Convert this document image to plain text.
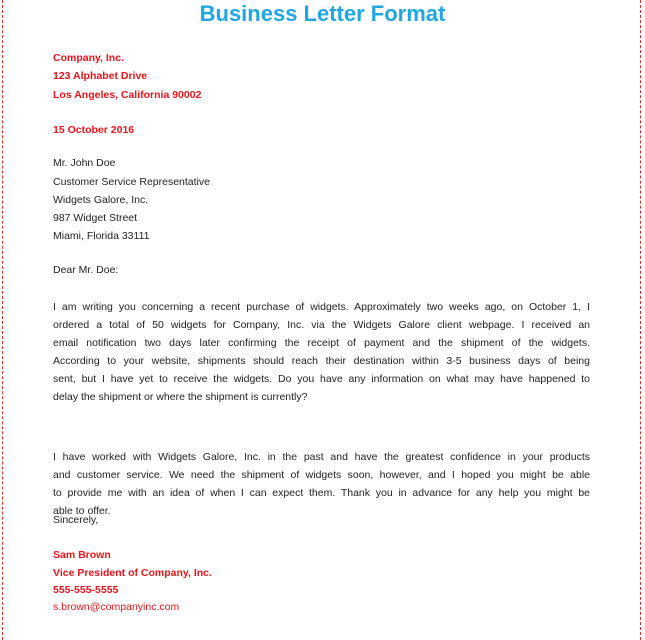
Business Letter Format
Company, Inc.
123 Alphabet Drive
Los Angeles, California 90002
15 October 2016
Mr. John Doe
Customer Service Representative
Widgets Galore, Inc.
987 Widget Street
Miami, Florida 33111
Dear Mr. Doe:
I am writing you concerning a recent purchase of widgets. Approximately two weeks ago, on October 1, I
ordered a total of 50 widgets for Company, Inc. via the Widgets Galore client webpage. I received an
email notification two days later confirming the receipt of payment and the shipment of the widgets.
According to your website, shipments should reach their destination within 3-5 business days of being
sent, but I have yet to receive the widgets. Do you have any information on what may have happened to
delay the shipment or where the shipment is currently?
I have worked with Widgets Galore, Inc. in the past and have the greatest confidence in your products
and customer service. We need the shipment of widgets soon, however, and I hoped you might be able
to provide me with an idea of when I can expect them. Thank you in advance for any help you might be
able to offer.
Sincerely,
Sam Brown
Vice President of Company, Inc.
555-555-5555
s.brown@companyinc.com
